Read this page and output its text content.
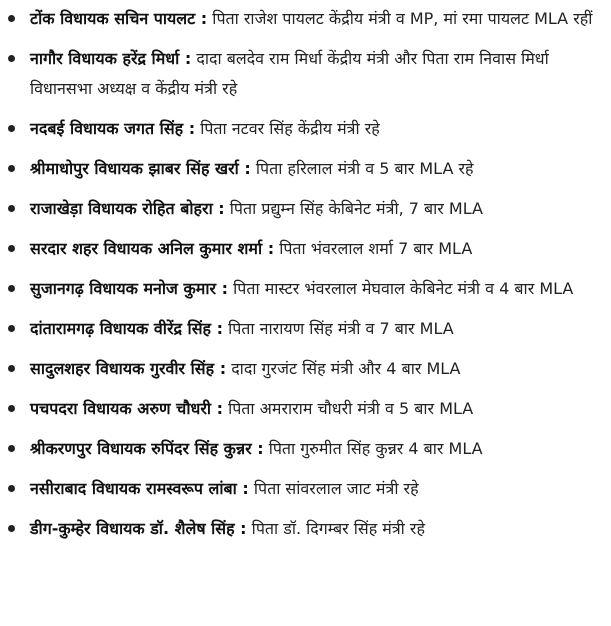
टोंक विधायक सचिन पायलट : पिता राजेश पायलट केंद्रीय मंत्री व MP, मां रमा पायलट MLA रहीं
नागौर विधायक हरेंद्र मिर्धा : दादा बलदेव राम मिर्धा केंद्रीय मंत्री और पिता राम निवास मिर्धा विधानसभा अध्यक्ष व केंद्रीय मंत्री रहे
नदबई विधायक जगत सिंह : पिता नटवर सिंह केंद्रीय मंत्री रहे
श्रीमाधोपुर विधायक झाबर सिंह खर्रा : पिता हरिलाल मंत्री व 5 बार MLA रहे
राजाखेड़ा विधायक रोहित बोहरा : पिता प्रद्युम्न सिंह केबिनेट मंत्री, 7 बार MLA
सरदार शहर विधायक अनिल कुमार शर्मा : पिता भंवरलाल शर्मा 7 बार MLA
सुजानगढ़ विधायक मनोज कुमार : पिता मास्टर भंवरलाल मेघवाल केबिनेट मंत्री व 4 बार MLA
दांतारामगढ़ विधायक वीरेंद्र सिंह : पिता नारायण सिंह मंत्री व 7 बार MLA
सादुलशहर विधायक गुरवीर सिंह : दादा गुरजंट सिंह मंत्री और 4 बार MLA
पचपदरा विधायक अरुण चौधरी : पिता अमराराम चौधरी मंत्री व 5 बार MLA
श्रीकरणपुर विधायक रुपिंदर सिंह कुन्नर : पिता गुरुमीत सिंह कुन्नर 4 बार MLA
नसीराबाद विधायक रामस्वरूप लांबा : पिता सांवरलाल जाट मंत्री रहे
डीग-कुम्हेर विधायक डॉ. शैलेष सिंह : पिता डॉ. दिगम्बर सिंह मंत्री रहे
